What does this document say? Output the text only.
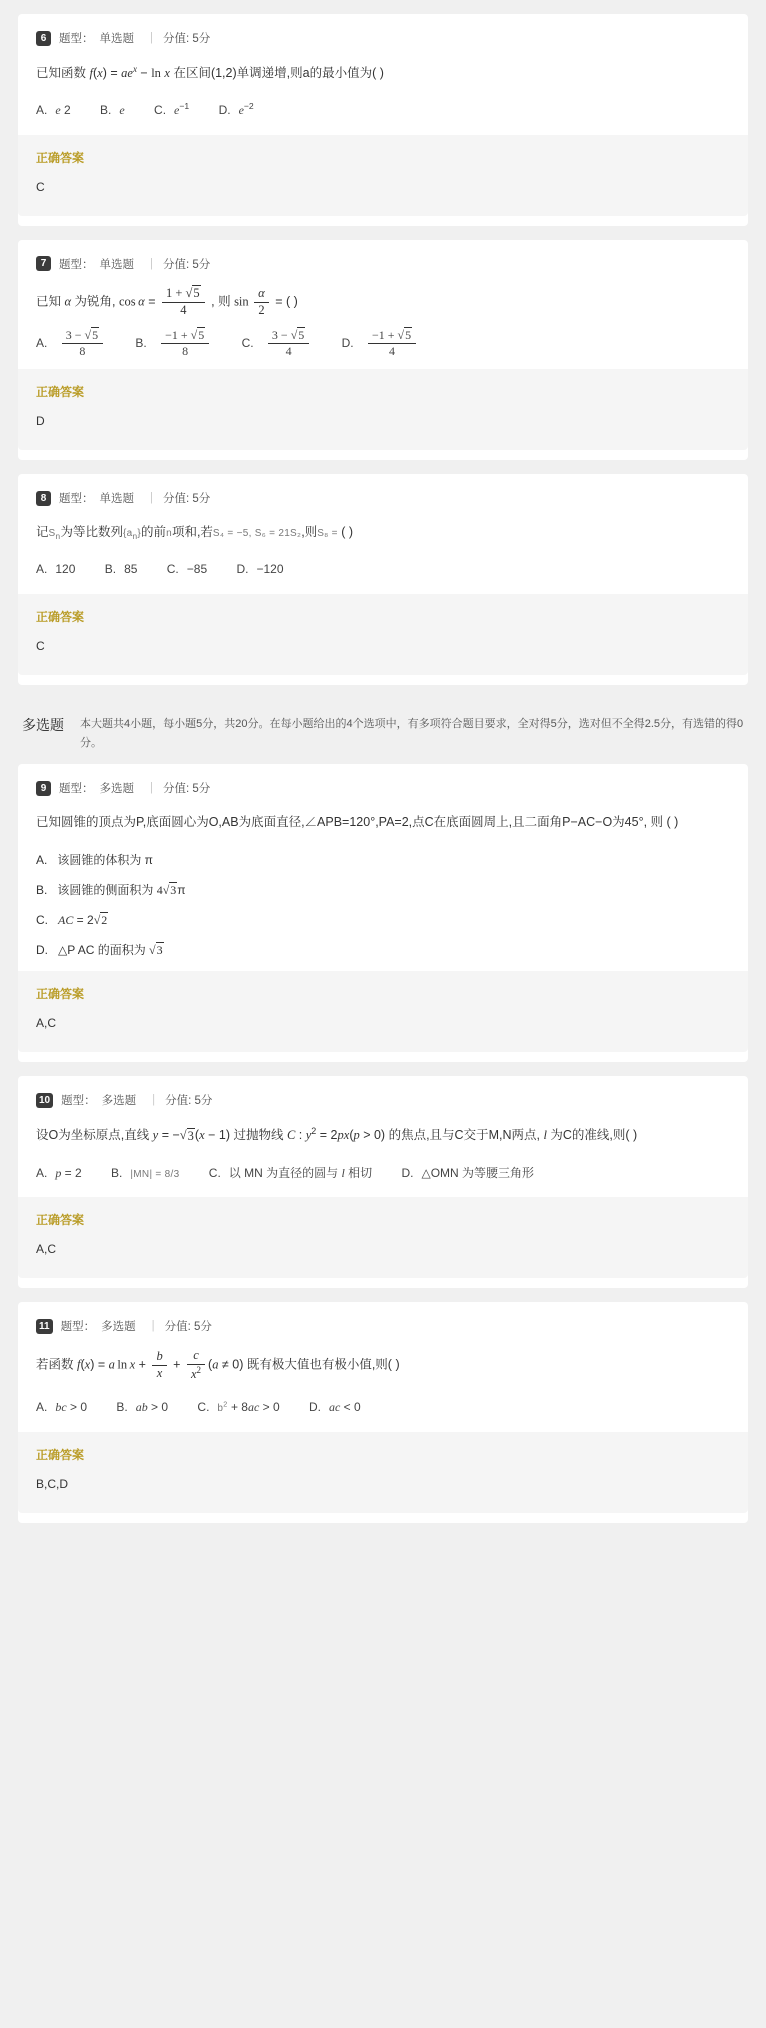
6	题型： 单选题 | 分值: 5分
已知函数 $f(x) = ae^x - \ln x$ 在区间(1,2)单调递增,则a的最小值为( )
A. e 2 B. e C. $e^{-1}$ D. $e^{-2}$
正确答案
C
7	题型： 单选题 | 分值: 5分
已知 α 为锐角, $\cos \alpha = \frac{1 + √5}{4}$ , 则 $\sin \frac{\alpha}{2}$ = ( )
A. $\frac{3 - √5}{8}$	B. $\frac{-1 + √5}{8}$	C. $\frac{3 - √5}{4}$	D. $\frac{-1 + √5}{4}$
正确答案
D
8	题型： 单选题 | 分值: 5分
记$S_n$为等比数列$\{a_n\}$的前n项和,若S₄ = −5, S₆ = 21S₂,则S₈ = ( )
A. 120 B. 85 C. −85 D. −120
正确答案
C
多选题 本大题共4小题，每小题5分，共20分。在每小题给出的4个选项中，有多项符合题目要求，全对得5分，选对但不全得2.5分，有选错的得0分。
9	题型： 多选题 | 分值: 5分
已知圆锥的顶点为P,底面圆心为O,AB为底面直径,∠APB=120°,PA=2,点C在底面圆周上,且二面角P−AC−O为45°, 则 ( )
A. 该圆锥的体积为 π
B. 该圆锥的侧面积为 4√3π
C. AC = 2√2
D. △P AC 的面积为 √3
正确答案
A,C
10 题型： 多选题 | 分值: 5分
设O为坐标原点,直线 y = −√3(x − 1) 过抛物线 C : $y^2 = 2px(p > 0)$ 的焦点,且与C交于M,N两点, l 为C的准线,则( )
A. p = 2 B. |MN| = 8/3 C. 以 MN 为直径的圆与 l 相切 D. △OMN 为等腰三角形
正确答案
A,C
11 题型： 多选题 | 分值: 5分
若函数 f(x) = a  $\ln x + \frac{b}{x} + \frac{c}{x^2} (a \ne 0)$ 既有极大值也有极小值,则( )
A. bc > 0 B. ab > 0 C. $b^2 + 8ac > 0$ D. ac < 0
正确答案
B,C,D
